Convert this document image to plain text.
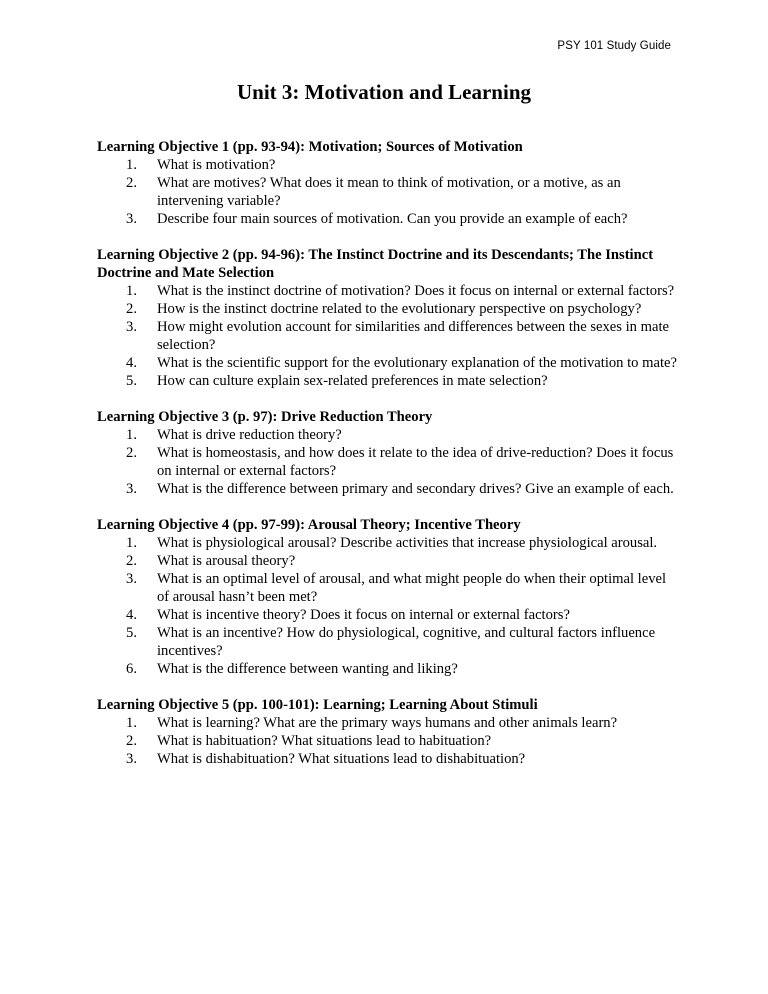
PSY 101 Study Guide
Unit 3: Motivation and Learning

Learning Objective 1 (pp. 93-94): Motivation; Sources of Motivation

1. What is motivation?
2. What are motives? What does it mean to think of motivation, or a motive, as an intervening variable?
3. Describe four main sources of motivation. Can you provide an example of each?

Learning Objective 2 (pp. 94-96): The Instinct Doctrine and its Descendants; The Instinct Doctrine and Mate Selection

1. What is the instinct doctrine of motivation? Does it focus on internal or external factors?
2. How is the instinct doctrine related to the evolutionary perspective on psychology?
3. How might evolution account for similarities and differences between the sexes in mate selection?
4. What is the scientific support for the evolutionary explanation of the motivation to mate?
5. How can culture explain sex-related preferences in mate selection?

Learning Objective 3 (p. 97): Drive Reduction Theory

1. What is drive reduction theory?
2. What is homeostasis, and how does it relate to the idea of drive-reduction? Does it focus on internal or external factors?
3. What is the difference between primary and secondary drives? Give an example of each.

Learning Objective 4 (pp. 97-99): Arousal Theory; Incentive Theory

1. What is physiological arousal? Describe activities that increase physiological arousal.
2. What is arousal theory?
3. What is an optimal level of arousal, and what might people do when their optimal level of arousal hasn’t been met?
4. What is incentive theory? Does it focus on internal or external factors?
5. What is an incentive? How do physiological, cognitive, and cultural factors influence incentives?
6. What is the difference between wanting and liking?

Learning Objective 5 (pp. 100-101): Learning; Learning About Stimuli

1. What is learning? What are the primary ways humans and other animals learn?
2. What is habituation? What situations lead to habituation?
3. What is dishabituation? What situations lead to dishabituation?
